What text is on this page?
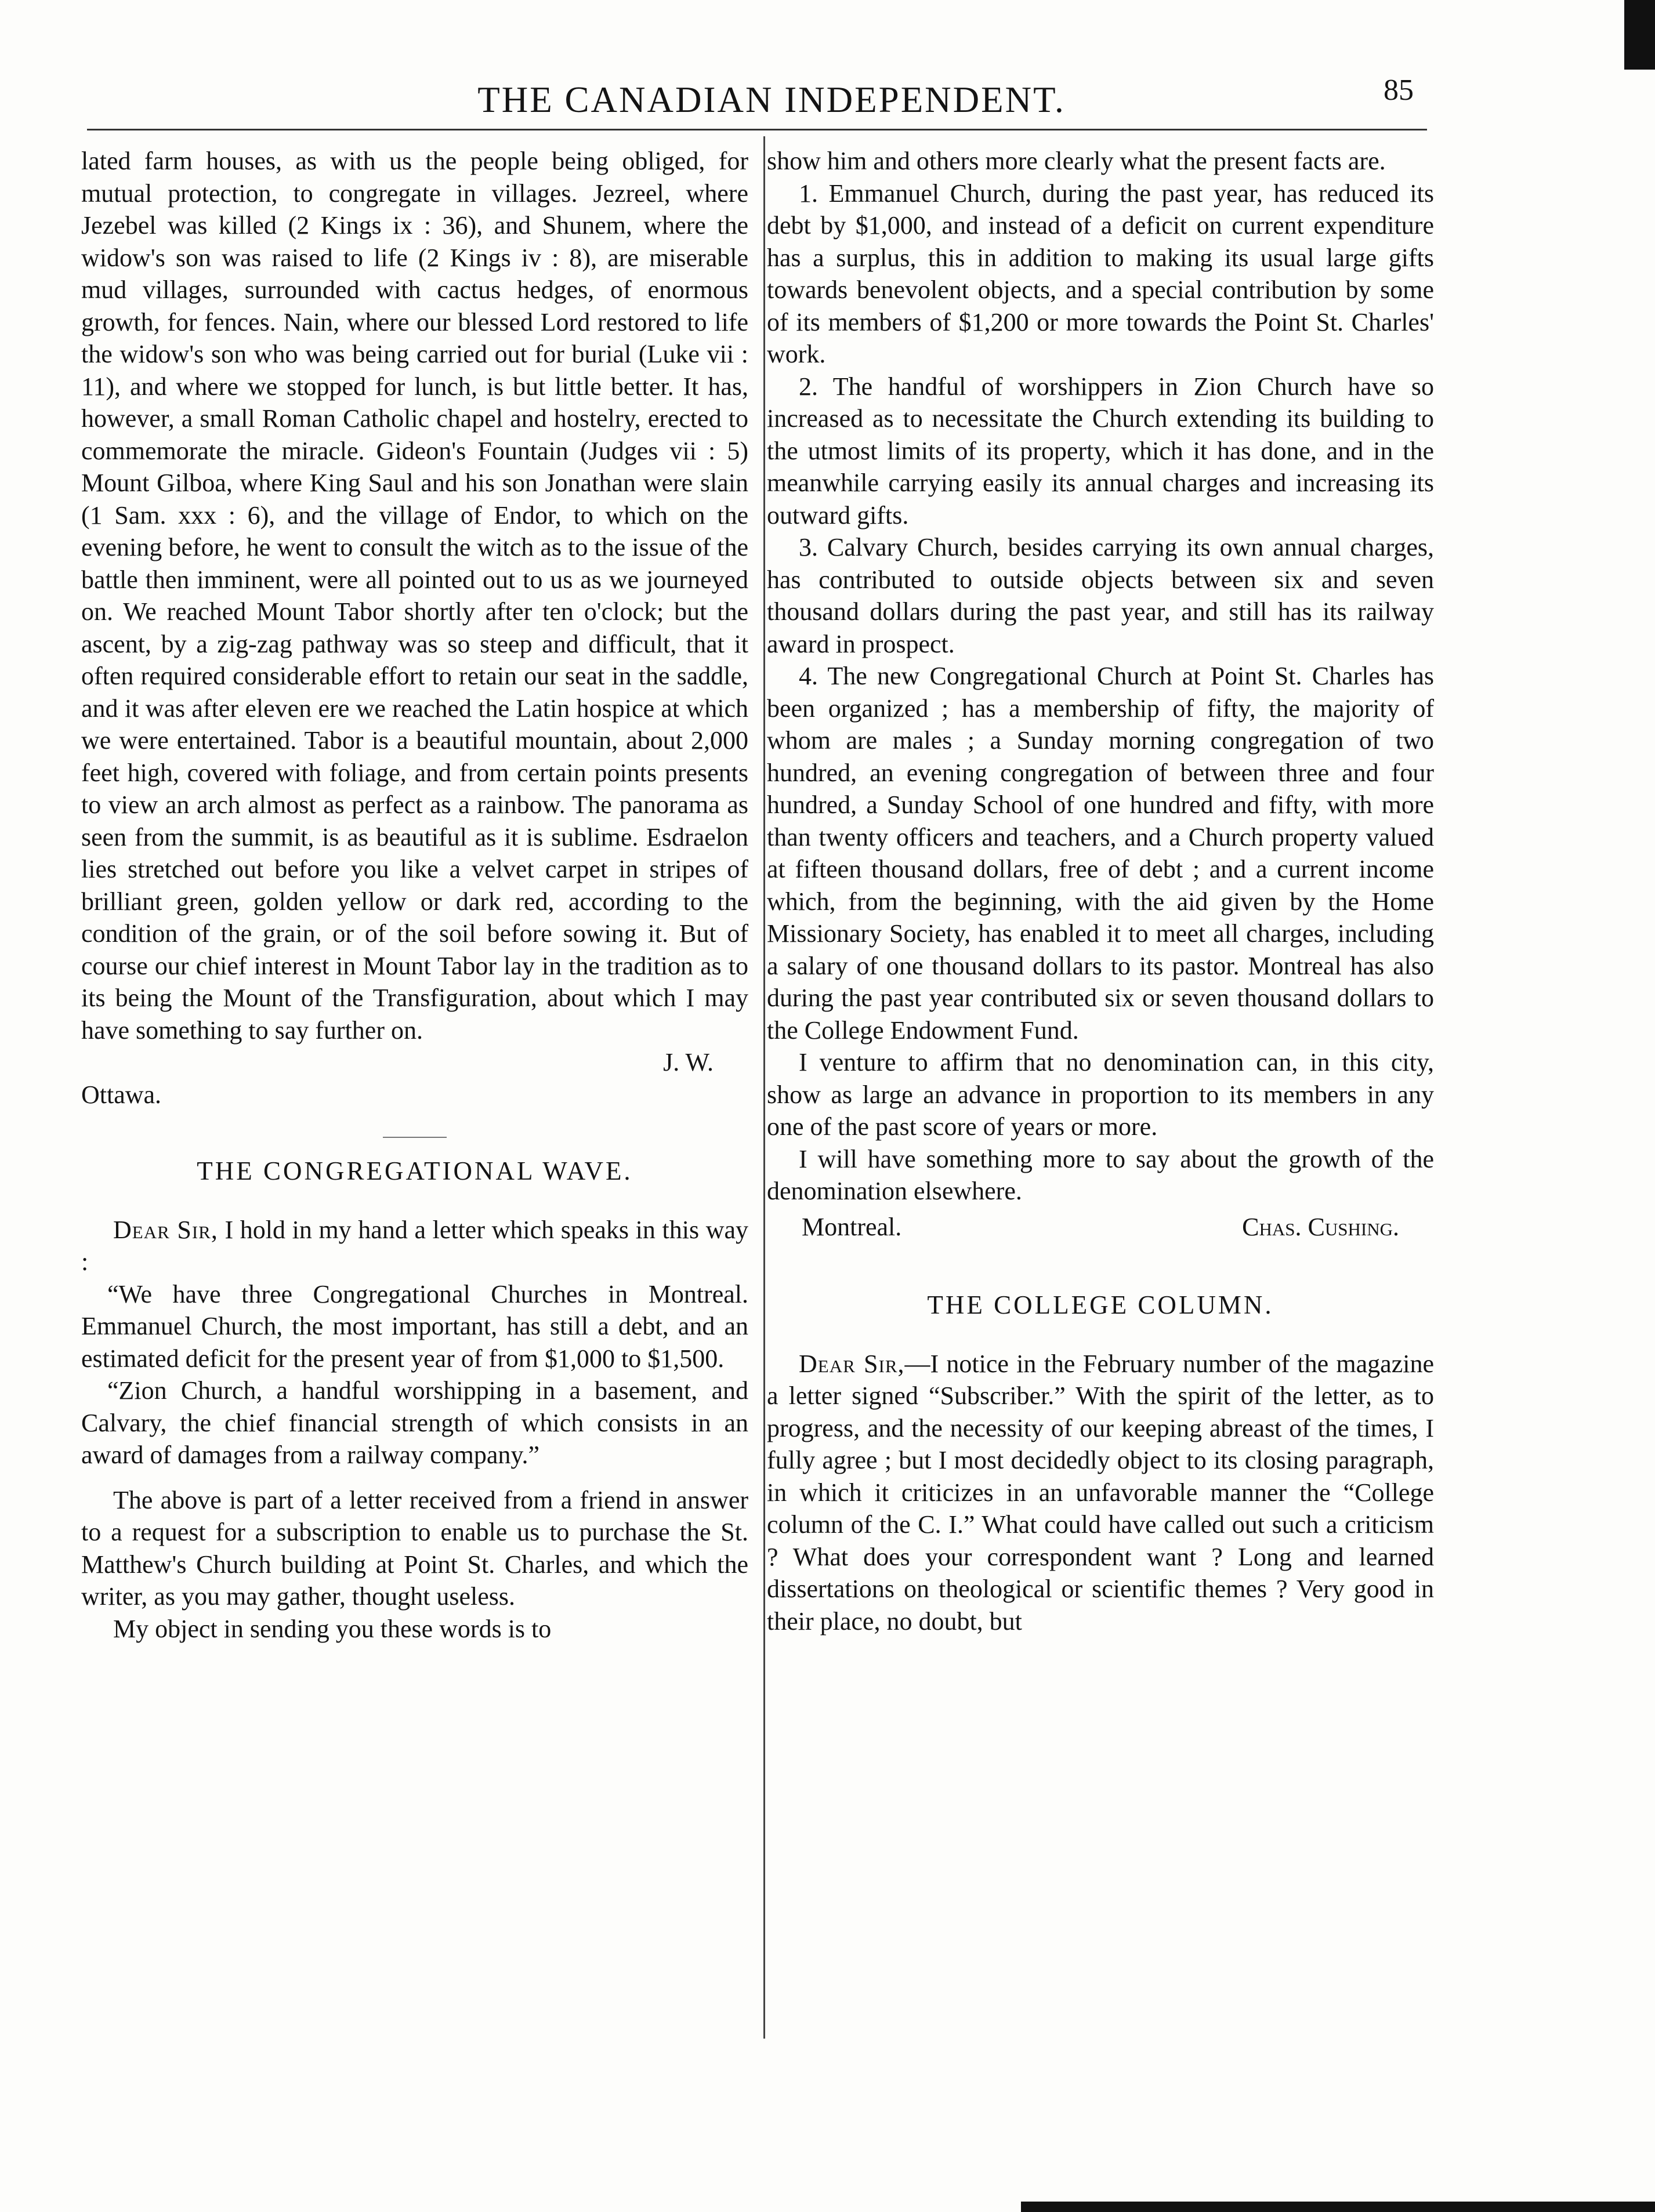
THE CANADIAN INDEPENDENT.	85

lated farm houses, as with us the people being obliged, for mutual protection, to congregate in villages. Jezreel, where Jezebel was killed (2 Kings ix : 36), and Shunem, where the widow's son was raised to life (2 Kings iv : 8), are miserable mud villages, surrounded with cactus hedges, of enormous growth, for fences. Nain, where our blessed Lord restored to life the widow's son who was being carried out for burial (Luke vii : 11), and where we stopped for lunch, is but little better. It has, however, a small Roman Catholic chapel and hostelry, erected to commemorate the miracle. Gideon's Fountain (Judges vii : 5) Mount Gilboa, where King Saul and his son Jonathan were slain (1 Sam. xxx : 6), and the village of Endor, to which on the evening before, he went to consult the witch as to the issue of the battle then imminent, were all pointed out to us as we journeyed on. We reached Mount Tabor shortly after ten o'clock; but the ascent, by a zig-zag pathway was so steep and difficult, that it often required considerable effort to retain our seat in the saddle, and it was after eleven ere we reached the Latin hospice at which we were entertained. Tabor is a beautiful mountain, about 2,000 feet high, covered with foliage, and from certain points presents to view an arch almost as perfect as a rainbow. The panorama as seen from the summit, is as beautiful as it is sublime. Esdraelon lies stretched out before you like a velvet carpet in stripes of brilliant green, golden yellow or dark red, according to the condition of the grain, or of the soil before sowing it. But of course our chief interest in Mount Tabor lay in the tradition as to its being the Mount of the Transfiguration, about which I may have something to say further on.

J. W.

Ottawa.

THE CONGREGATIONAL WAVE.

Dear Sir, I hold in my hand a letter which speaks in this way :

“We have three Congregational Churches in Montreal. Emmanuel Church, the most important, has still a debt, and an estimated deficit for the present year of from $1,000 to $1,500.

“Zion Church, a handful worshipping in a basement, and Calvary, the chief financial strength of which consists in an award of damages from a railway company.”

The above is part of a letter received from a friend in answer to a request for a subscription to enable us to purchase the St. Matthew's Church building at Point St. Charles, and which the writer, as you may gather, thought useless.

My object in sending you these words is to

show him and others more clearly what the present facts are.

1. Emmanuel Church, during the past year, has reduced its debt by $1,000, and instead of a deficit on current expenditure has a surplus, this in addition to making its usual large gifts towards benevolent objects, and a special contribution by some of its members of $1,200 or more towards the Point St. Charles' work.

2. The handful of worshippers in Zion Church have so increased as to necessitate the Church extending its building to the utmost limits of its property, which it has done, and in the meanwhile carrying easily its annual charges and increasing its outward gifts.

3. Calvary Church, besides carrying its own annual charges, has contributed to outside objects between six and seven thousand dollars during the past year, and still has its railway award in prospect.

4. The new Congregational Church at Point St. Charles has been organized ; has a membership of fifty, the majority of whom are males ; a Sunday morning congregation of two hundred, an evening congregation of between three and four hundred, a Sunday School of one hundred and fifty, with more than twenty officers and teachers, and a Church property valued at fifteen thousand dollars, free of debt ; and a current income which, from the beginning, with the aid given by the Home Missionary Society, has enabled it to meet all charges, including a salary of one thousand dollars to its pastor. Montreal has also during the past year contributed six or seven thousand dollars to the College Endowment Fund.

I venture to affirm that no denomination can, in this city, show as large an advance in proportion to its members in any one of the past score of years or more.

I will have something more to say about the growth of the denomination elsewhere.

Montreal.	Chas. Cushing.
THE COLLEGE COLUMN.

Dear Sir,—I notice in the February number of the magazine a letter signed “Subscriber.” With the spirit of the letter, as to progress, and the necessity of our keeping abreast of the times, I fully agree ; but I most decidedly object to its closing paragraph, in which it criticizes in an unfavorable manner the “College column of the C. I.” What could have called out such a criticism ? What does your correspondent want ? Long and learned dissertations on theological or scientific themes ? Very good in their place, no doubt, but
